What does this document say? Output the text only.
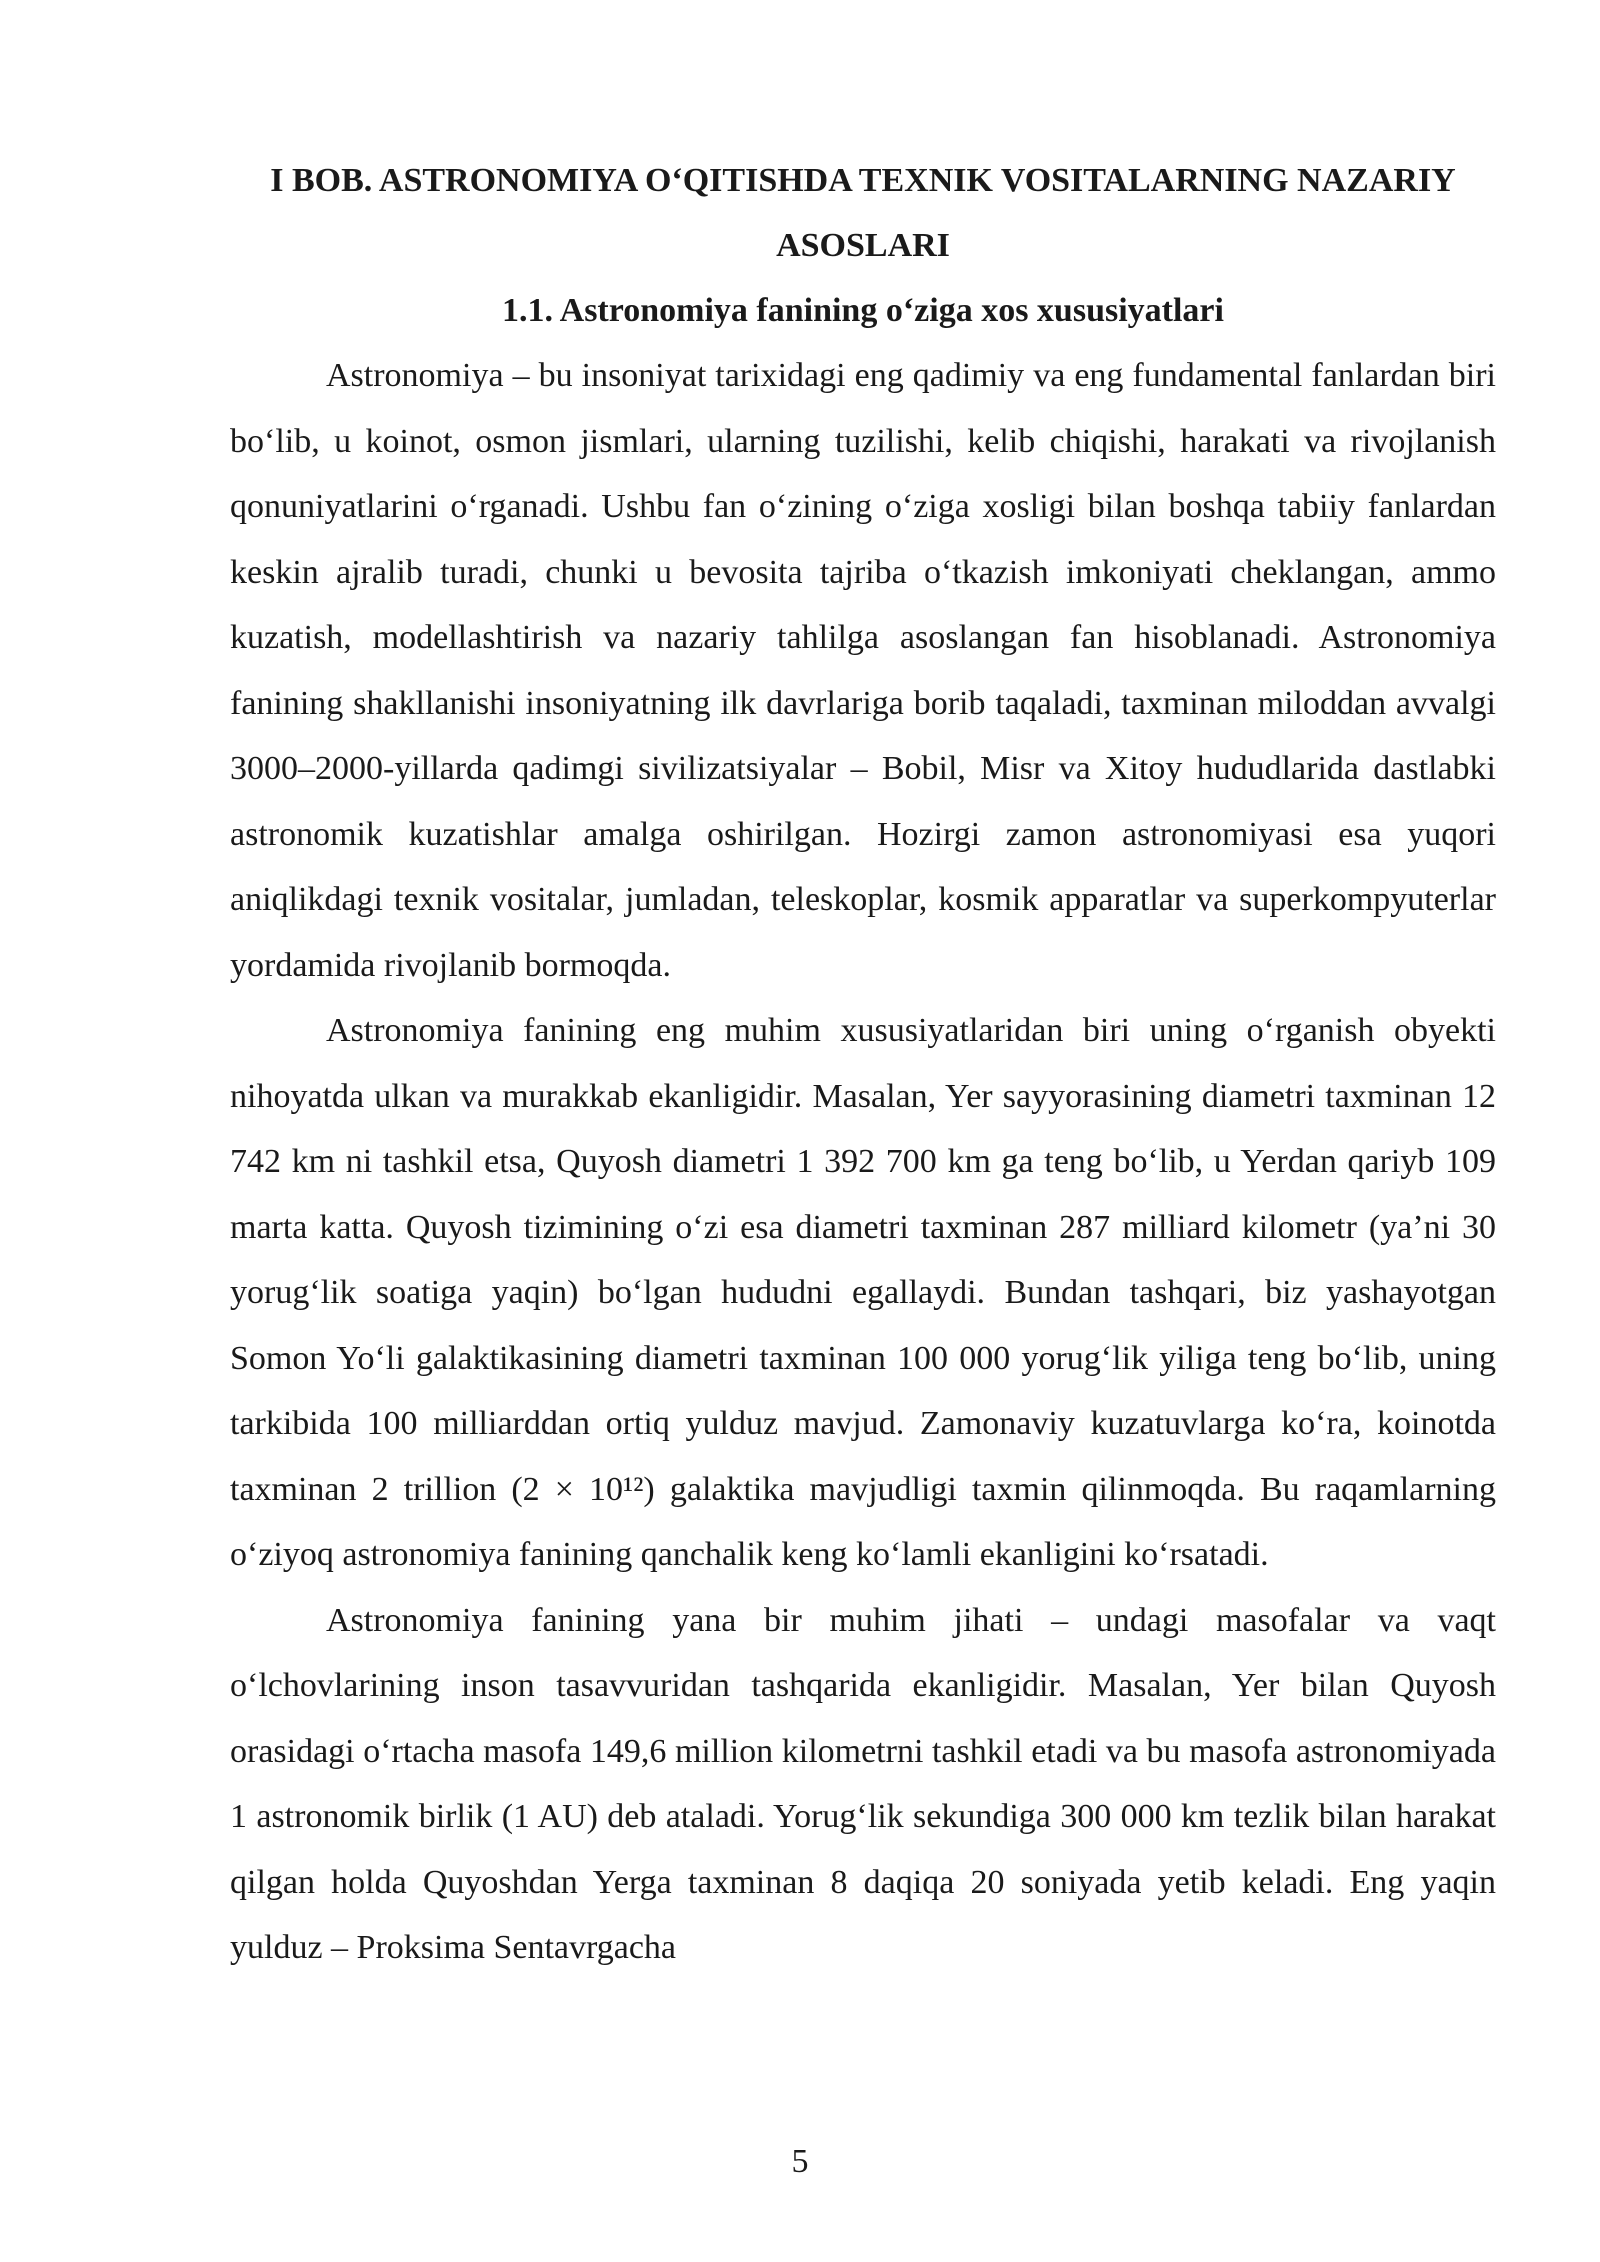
I BOB. ASTRONOMIYA O‘QITISHDA TEXNIK VOSITALARNING NAZARIY ASOSLARI
1.1. Astronomiya fanining o‘ziga xos xususiyatlari

Astronomiya – bu insoniyat tarixidagi eng qadimiy va eng fundamental fanlardan biri bo‘lib, u koinot, osmon jismlari, ularning tuzilishi, kelib chiqishi, harakati va rivojlanish qonuniyatlarini o‘rganadi. Ushbu fan o‘zining o‘ziga xosligi bilan boshqa tabiiy fanlardan keskin ajralib turadi, chunki u bevosita tajriba o‘tkazish imkoniyati cheklangan, ammo kuzatish, modellashtirish va nazariy tahlilga asoslangan fan hisoblanadi. Astronomiya fanining shakllanishi insoniyatning ilk davrlariga borib taqaladi, taxminan miloddan avvalgi 3000–2000-yillarda qadimgi sivilizatsiyalar – Bobil, Misr va Xitoy hududlarida dastlabki astronomik kuzatishlar amalga oshirilgan. Hozirgi zamon astronomiyasi esa yuqori aniqlikdagi texnik vositalar, jumladan, teleskoplar, kosmik apparatlar va superkompyuterlar yordamida rivojlanib bormoqda.

Astronomiya fanining eng muhim xususiyatlaridan biri uning o‘rganish obyekti nihoyatda ulkan va murakkab ekanligidir. Masalan, Yer sayyorasining diametri taxminan 12 742 km ni tashkil etsa, Quyosh diametri 1 392 700 km ga teng bo‘lib, u Yerdan qariyb 109 marta katta. Quyosh tizimining o‘zi esa diametri taxminan 287 milliard kilometr (ya’ni 30 yorug‘lik soatiga yaqin) bo‘lgan hududni egallaydi. Bundan tashqari, biz yashayotgan Somon Yo‘li galaktikasining diametri taxminan 100 000 yorug‘lik yiliga teng bo‘lib, uning tarkibida 100 milliarddan ortiq yulduz mavjud. Zamonaviy kuzatuvlarga ko‘ra, koinotda taxminan 2 trillion (2 × 10¹²) galaktika mavjudligi taxmin qilinmoqda. Bu raqamlarning o‘ziyoq astronomiya fanining qanchalik keng ko‘lamli ekanligini ko‘rsatadi.

Astronomiya fanining yana bir muhim jihati – undagi masofalar va vaqt o‘lchovlarining inson tasavvuridan tashqarida ekanligidir. Masalan, Yer bilan Quyosh orasidagi o‘rtacha masofa 149,6 million kilometrni tashkil etadi va bu masofa astronomiyada 1 astronomik birlik (1 AU) deb ataladi. Yorug‘lik sekundiga 300 000 km tezlik bilan harakat qilgan holda Quyoshdan Yerga taxminan 8 daqiqa 20 soniyada yetib keladi. Eng yaqin yulduz – Proksima Sentavrgacha

5
